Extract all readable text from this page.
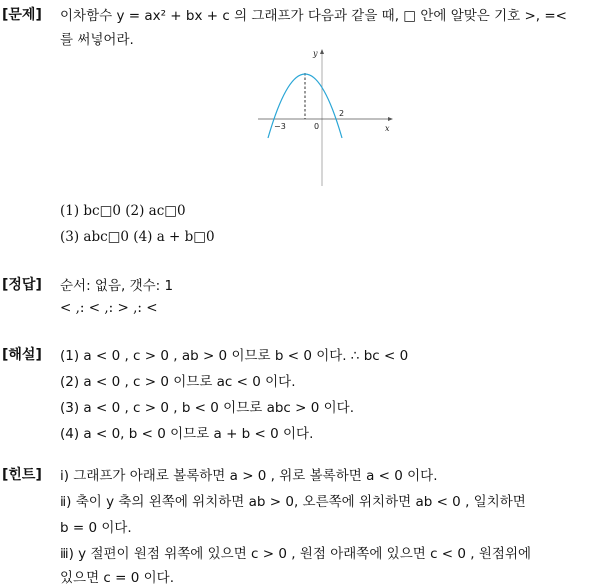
[문제] 이차함수 y = ax² + bx + c 의 그래프가 다음과 같을 때, □ 안에 알맞은 기호 >, =<
를 써넣어라.
y
x
0
−3
2
(1) bc□0 (2) ac□0
(3) abc□0 (4) a + b□0
[정답] 순서: 없음, 갯수: 1
< ,: < ,: > ,: <
[해설] (1) a < 0 , c > 0 , ab > 0 이므로 b < 0 이다. ∴ bc < 0
(2) a < 0 , c > 0 이므로 ac < 0 이다.
(3) a < 0 , c > 0 , b < 0 이므로 abc > 0 이다.
(4) a < 0, b < 0 이므로 a + b < 0 이다.
[힌트] ⅰ) 그래프가 아래로 볼록하면 a > 0 , 위로 볼록하면 a < 0 이다.
ⅱ) 축이 y 축의 왼쪽에 위치하면 ab > 0, 오른쪽에 위치하면 ab < 0 , 일치하면
b = 0 이다.
ⅲ) y 절편이 원점 위쪽에 있으면 c > 0 , 원점 아래쪽에 있으면 c < 0 , 원점위에
있으면 c = 0 이다.
